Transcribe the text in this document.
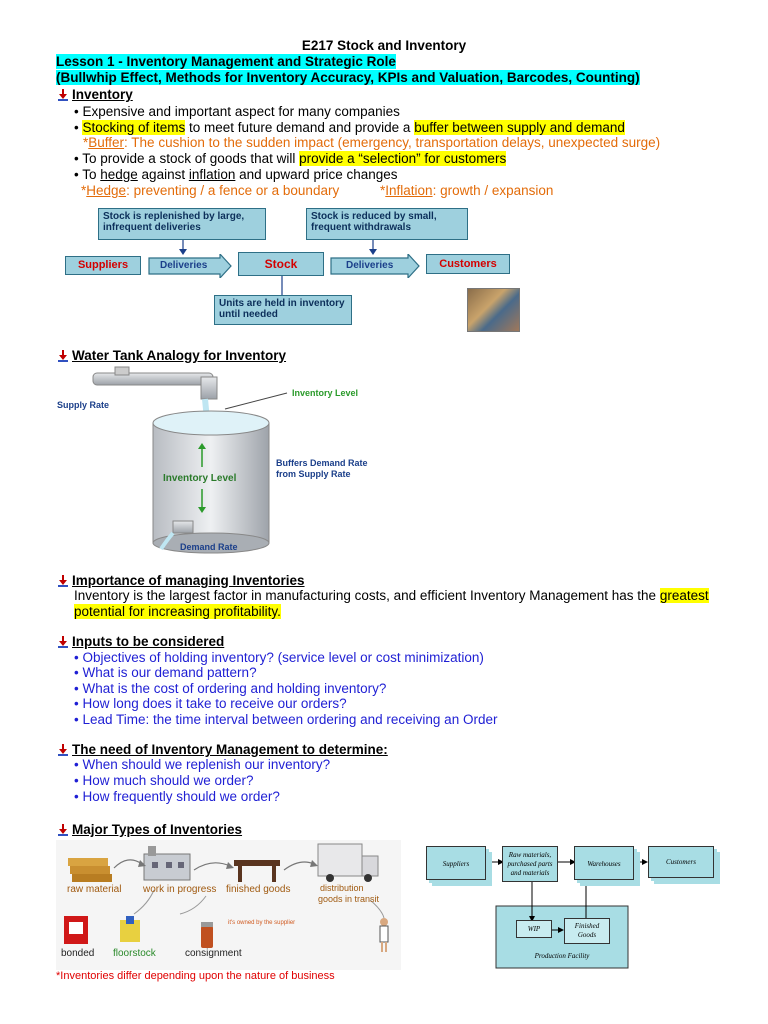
E217 Stock and Inventory
Lesson 1 - Inventory Management and Strategic Role
(Bullwhip Effect, Methods for Inventory Accuracy, KPIs and Valuation, Barcodes, Counting)
Inventory
• Expensive and important aspect for many companies
• Stocking of items to meet future demand and provide a buffer between supply and demand
*Buffer: The cushion to the sudden impact (emergency, transportation delays, unexpected surge)
• To provide a stock of goods that will provide a “selection” for customers
• To hedge against inflation and upward price changes
*Hedge: preventing / a fence or a boundary	*Inflation: growth / expansion
Stock is replenished by large, infrequent deliveries
Stock is reduced by small, frequent withdrawals
Suppliers	Deliveries	Stock	Deliveries	Customers
Units are held in inventory until needed
Water Tank Analogy for Inventory
Supply Rate
Inventory Level
Inventory Level
Buffers Demand Rate from Supply Rate
Demand Rate
Importance of managing Inventories
Inventory is the largest factor in manufacturing costs, and efficient Inventory Management has the greatest
potential for increasing profitability.
Inputs to be considered
• Objectives of holding inventory? (service level or cost minimization)
• What is our demand pattern?
• What is the cost of ordering and holding inventory?
• How long does it take to receive our orders?
• Lead Time: the time interval between ordering and receiving an Order
The need of Inventory Management to determine:
• When should we replenish our inventory?
• How much should we order?
• How frequently should we order?
Major Types of Inventories
raw material work in progress finished goods	distribution
goods in transit
it's owned by the supplier
bonded floorstock	consignment
*Inventories differ depending upon the nature of business
Suppliers
Raw materials, purchased parts and materials
Warehouses	Customers
WIP	Finished Goods
Production Facility
